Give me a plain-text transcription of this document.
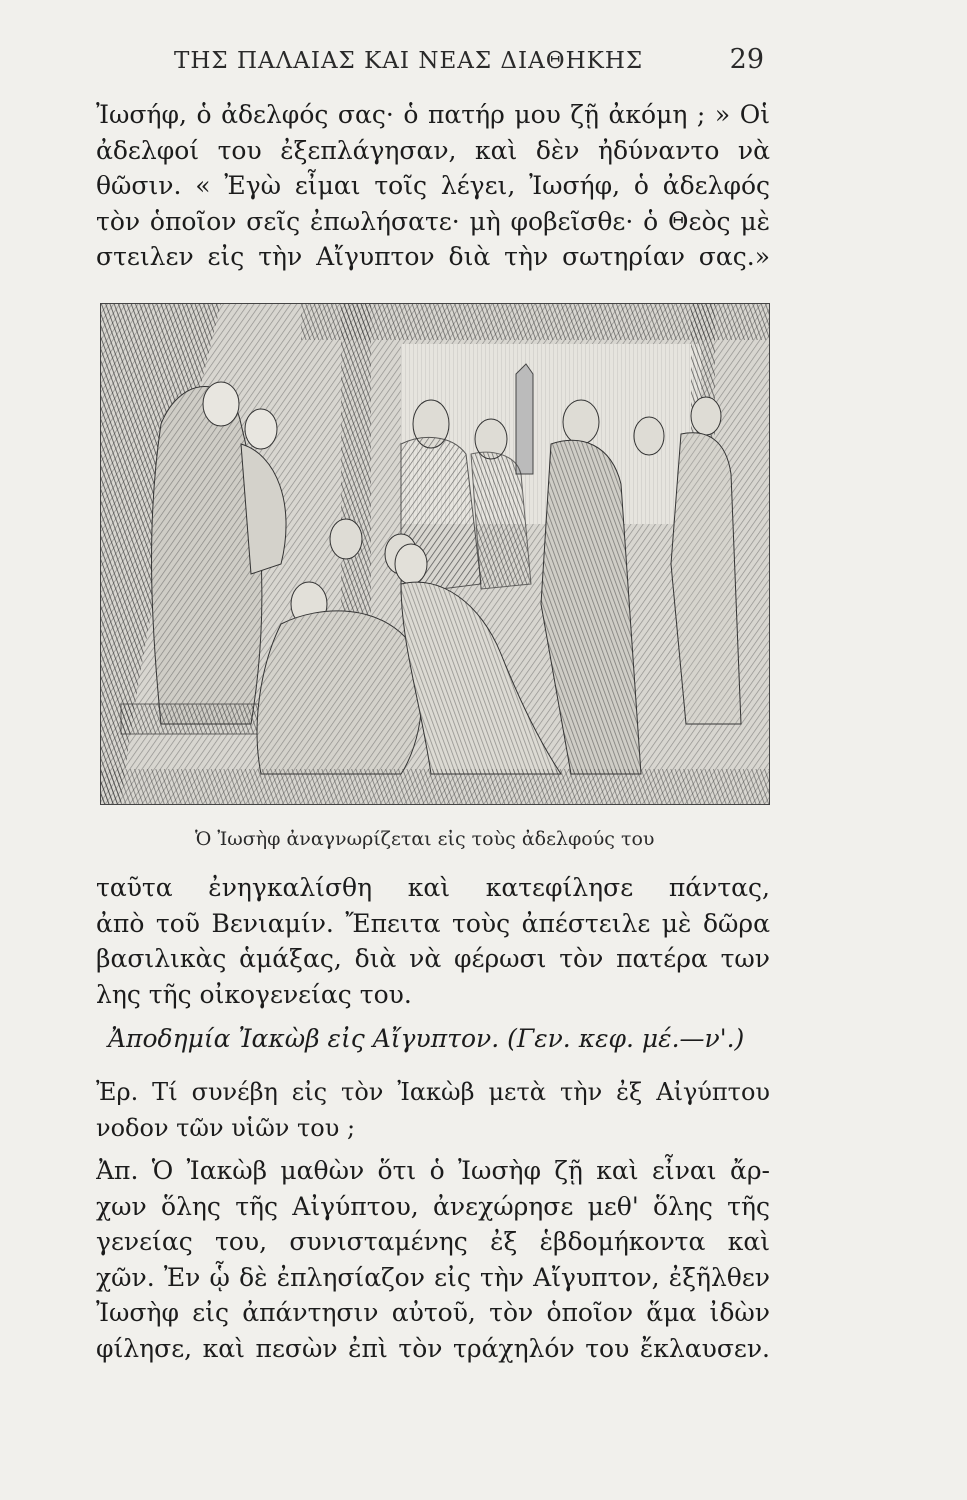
ΤΗΣ ΠΑΛΑΙΑΣ ΚΑΙ ΝΕΑΣ ΔΙΑΘΗΚΗΣ	29
Ἰωσήφ, ὁ ἀδελφός σας· ὁ πατήρ μου ζῇ ἀκόμη ; » Οἱ
ἀδελφοί του ἐξεπλάγησαν, καὶ δὲν ἠδύναντο νὰ
θῶσιν. « Ἐγὼ εἶμαι τοῖς λέγει, Ἰωσήφ, ὁ ἀδελφός
τὸν ὁποῖον σεῖς ἐπωλήσατε· μὴ φοβεῖσθε· ὁ Θεὸς μὲ
στειλεν εἰς τὴν Αἴγυπτον διὰ τὴν σωτηρίαν σας.»
Ὁ Ἰωσὴφ ἀναγνωρίζεται εἰς τοὺς ἀδελφούς του
ταῦτα ἐνηγκαλίσθη καὶ κατεφίλησε πάντας,
ἀπὸ τοῦ Βενιαμίν. Ἔπειτα τοὺς ἀπέστειλε μὲ δῶρα
βασιλικὰς ἁμάξας, διὰ νὰ φέρωσι τὸν πατέρα των
λης τῆς οἰκογενείας του.
Ἀποδημία Ἰακὼβ εἰς Αἴγυπτον. (Γεν. κεφ. μέ.—ν'.)
Ἐρ. Τί συνέβη εἰς τὸν Ἰακὼβ μετὰ τὴν ἐξ Αἰγύπτου
νοδον τῶν υἱῶν του ;
Ἀπ. Ὁ Ἰακὼβ μαθὼν ὅτι ὁ Ἰωσὴφ ζῇ καὶ εἶναι ἄρ-
χων ὅλης τῆς Αἰγύπτου, ἀνεχώρησε μεθ' ὅλης τῆς
γενείας του, συνισταμένης ἐξ ἑβδομήκοντα καὶ
χῶν. Ἐν ᾧ δὲ ἐπλησίαζον εἰς τὴν Αἴγυπτον, ἐξῆλθεν
Ἰωσὴφ εἰς ἀπάντησιν αὐτοῦ, τὸν ὁποῖον ἅμα ἰδὼν
φίλησε, καὶ πεσὼν ἐπὶ τὸν τράχηλόν του ἔκλαυσεν.
